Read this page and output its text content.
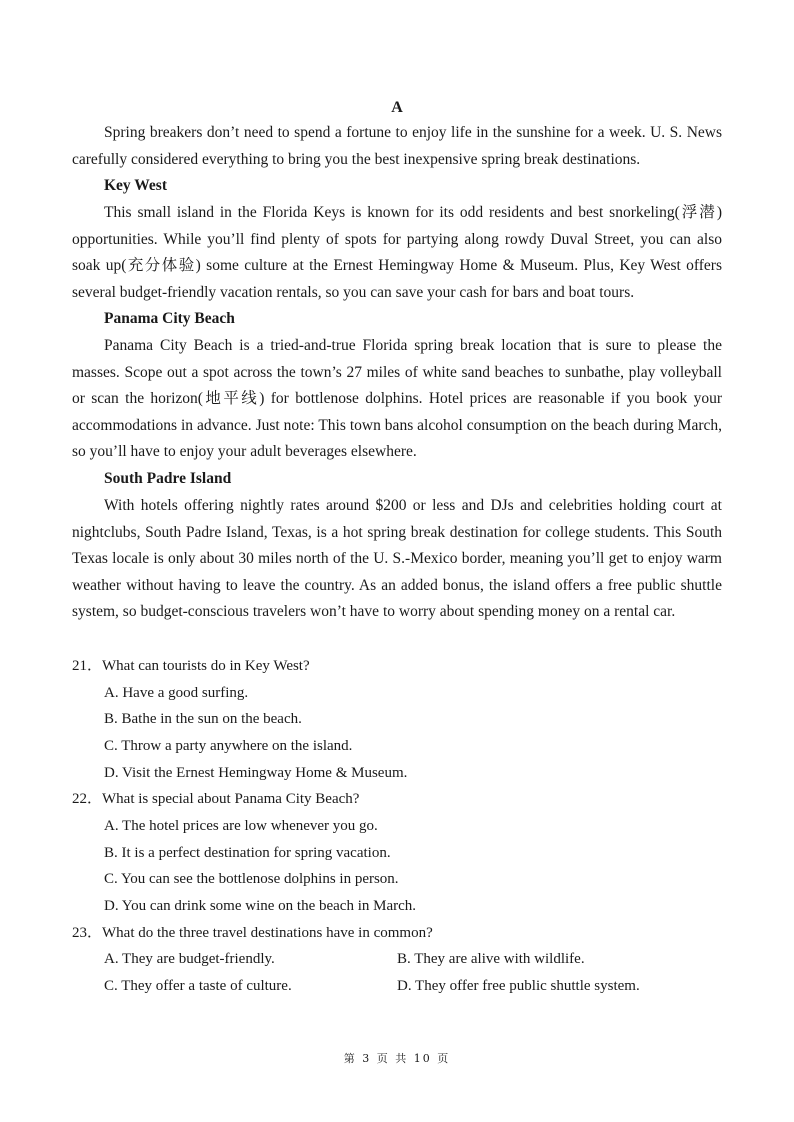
A

Spring breakers don’t need to spend a fortune to enjoy life in the sunshine for a week. U. S. News carefully considered everything to bring you the best inexpensive spring break destinations.

Key West

This small island in the Florida Keys is known for its odd residents and best snorkeling(浮潜) opportunities. While you’ll find plenty of spots for partying along rowdy Duval Street, you can also soak up(充分体验) some culture at the Ernest Hemingway Home & Museum. Plus, Key West offers several budget-friendly vacation rentals, so you can save your cash for bars and boat tours.

Panama City Beach

Panama City Beach is a tried-and-true Florida spring break location that is sure to please the masses. Scope out a spot across the town’s 27 miles of white sand beaches to sunbathe, play volleyball or scan the horizon(地平线) for bottlenose dolphins. Hotel prices are reasonable if you book your accommodations in advance. Just note: This town bans alcohol consumption on the beach during March, so you’ll have to enjoy your adult beverages elsewhere.

South Padre Island

With hotels offering nightly rates around $200 or less and DJs and celebrities holding court at nightclubs, South Padre Island, Texas, is a hot spring break destination for college students. This South Texas locale is only about 30 miles north of the U. S.-Mexico border, meaning you’ll get to enjoy warm weather without having to leave the country. As an added bonus, the island offers a free public shuttle system, so budget-conscious travelers won’t have to worry about spending money on a rental car.

21．What can tourists do in Key West?
A. Have a good surfing.
B. Bathe in the sun on the beach.
C. Throw a party anywhere on the island.
D. Visit the Ernest Hemingway Home & Museum.
22．What is special about Panama City Beach?
A. The hotel prices are low whenever you go.
B. It is a perfect destination for spring vacation.
C. You can see the bottlenose dolphins in person.
D. You can drink some wine on the beach in March.
23．What do the three travel destinations have in common?
A. They are budget-friendly.	B. They are alive with wildlife.
C. They offer a taste of culture.	D. They offer free public shuttle system.
第 3 页 共 10 页
